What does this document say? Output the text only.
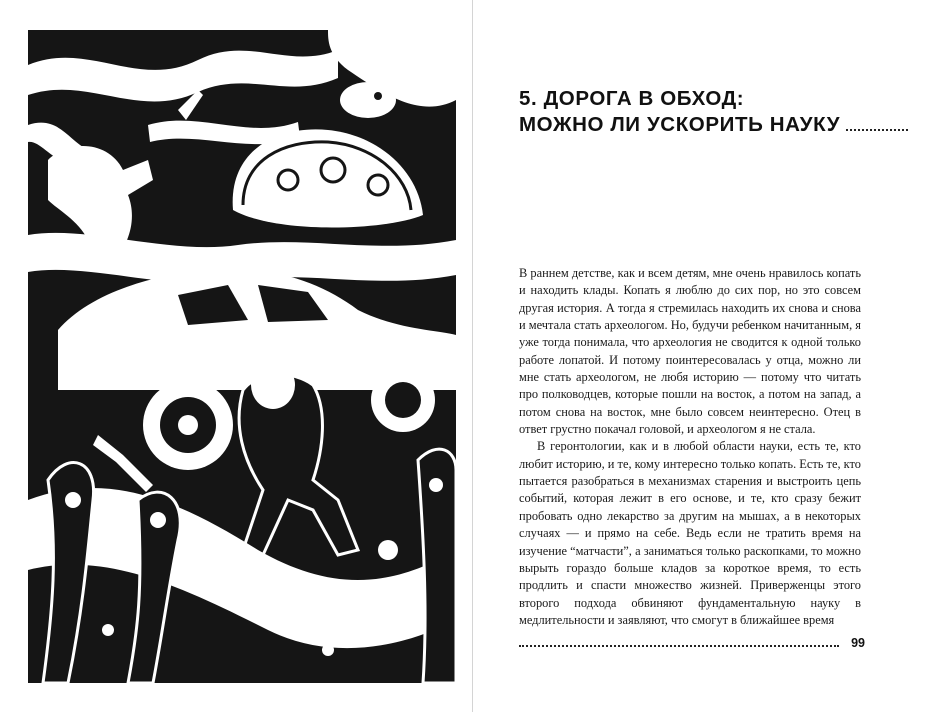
5. ДОРОГА В ОБХОД:
МОЖНО ЛИ УСКОРИТЬ НАУКУ

В раннем детстве, как и всем детям, мне очень нравилось копать и находить клады. Копать я люблю до сих пор, но это совсем другая история. А тогда я стремилась находить их снова и снова и мечтала стать археологом. Но, будучи ребенком начитанным, я уже тогда понимала, что археология не сводится к одной только работе лопатой. И потому поинтересовалась у отца, можно ли мне стать археологом, не любя историю — потому что читать про полководцев, которые пошли на восток, а потом на запад, а потом снова на восток, мне было совсем неинтересно. Отец в ответ грустно покачал головой, и археологом я не стала.

В геронтологии, как и в любой области науки, есть те, кто любит историю, и те, кому интересно только копать. Есть те, кто пытается разобраться в механизмах старения и выстроить цепь событий, которая лежит в его основе, и те, кто сразу бежит пробовать одно лекарство за другим на мышах, а в некоторых случаях — и прямо на себе. Ведь если не тратить время на изучение “матчасти”, а заниматься только раскопками, то можно вырыть гораздо больше кладов за короткое время, то есть продлить и спасти множество жизней. Приверженцы этого второго подхода обвиняют фундаментальную науку в медлительности и заявляют, что смогут в ближайшее время

99
